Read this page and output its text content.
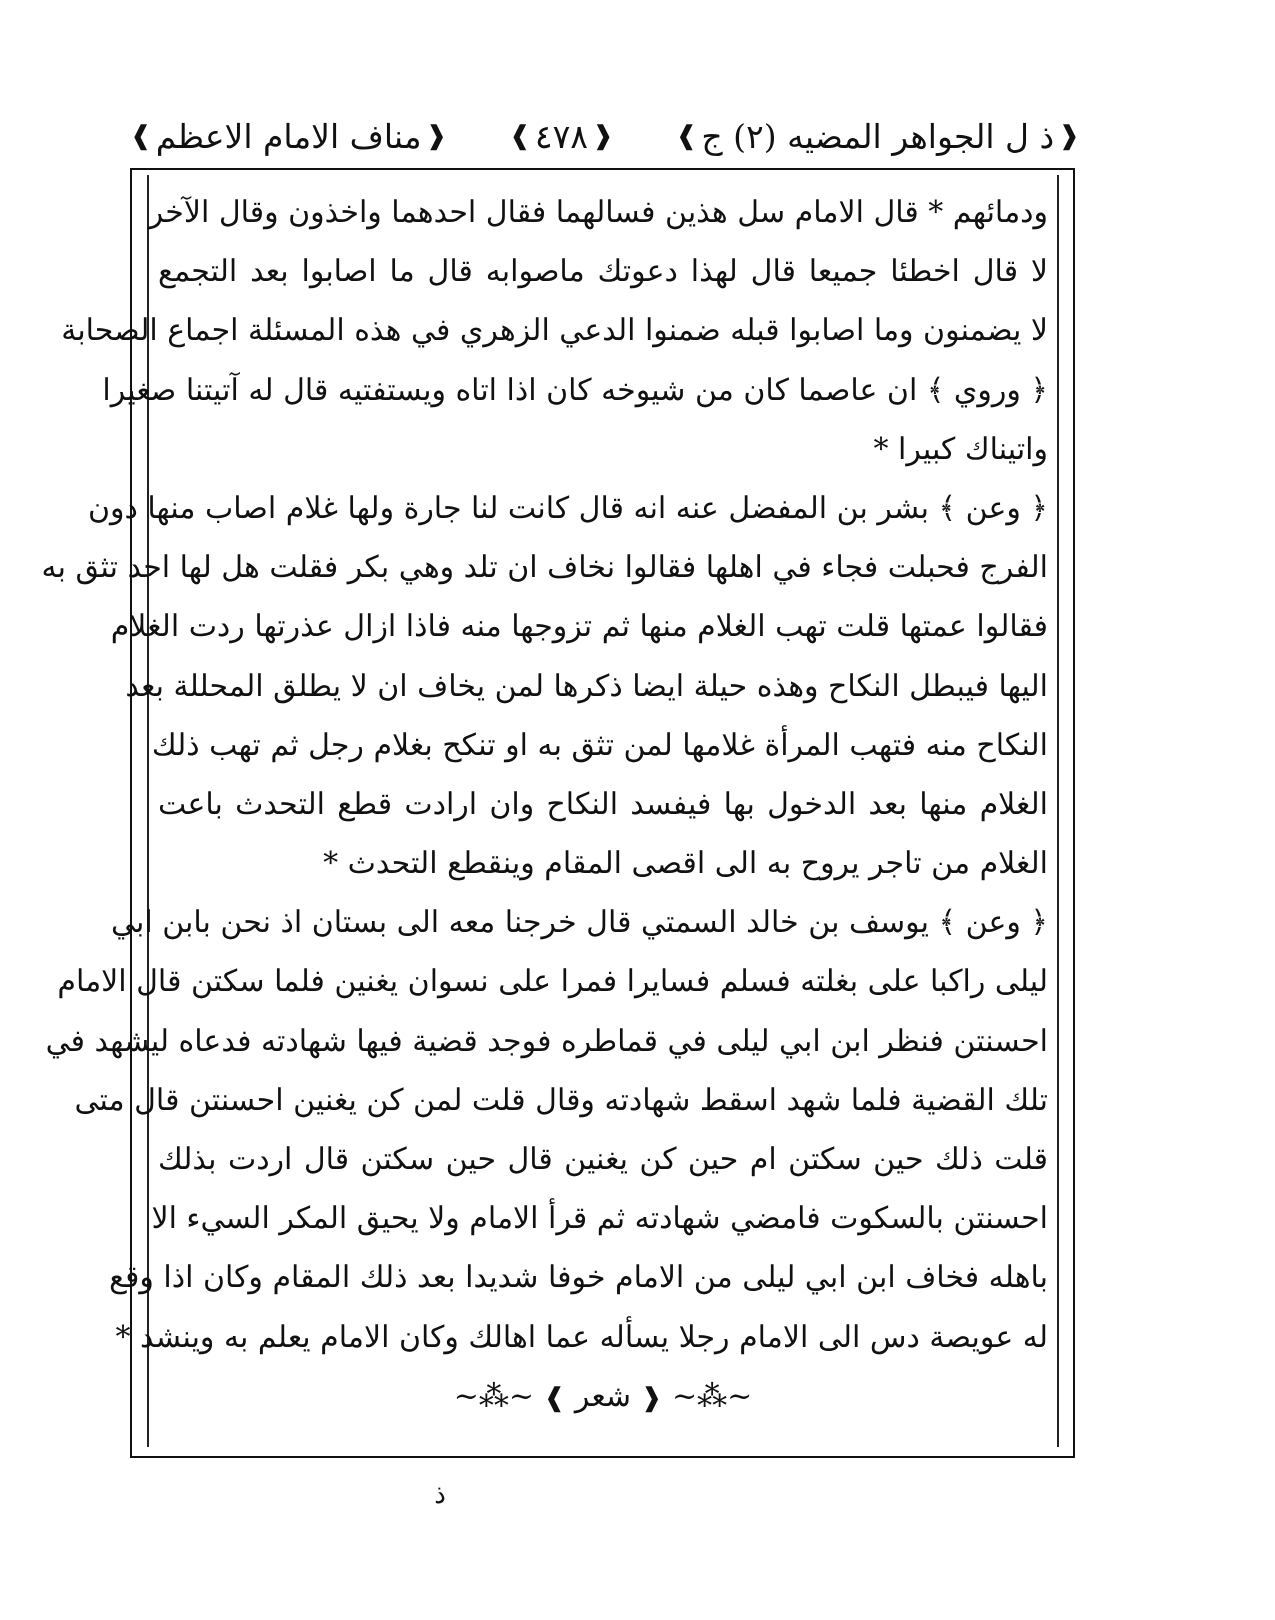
❰
ذ ل الجواهر المضيه (٢) ج
❱
❰
٤٧٨
❱
❰
مناف الامام الاعظم
❱
ودمائهم * قال الامام سل هذين فسالهما فقال احدهما واخذون وقال الآخر
لا قال اخطئا جميعا قال لهذا دعوتك ماصوابه قال ما اصابوا بعد التجمع
لا يضمنون وما اصابوا قبله ضمنوا الدعي الزهري في هذه المسئلة اجماع الصحابة
﴿ وروي ﴾ ان عاصما كان من شيوخه كان اذا اتاه ويستفتيه قال له آتيتنا صغيرا
واتيناك كبيرا *
﴿ وعن ﴾ بشر بن المفضل عنه انه قال كانت لنا جارة ولها غلام اصاب منها دون
الفرج فحبلت فجاء في اهلها فقالوا نخاف ان تلد وهي بكر فقلت هل لها احد تثق به
فقالوا عمتها قلت تهب الغلام منها ثم تزوجها منه فاذا ازال عذرتها ردت الغلام
اليها فيبطل النكاح وهذه حيلة ايضا ذكرها لمن يخاف ان لا يطلق المحللة بعد
النكاح منه فتهب المرأة غلامها لمن تثق به او تنكح بغلام رجل ثم تهب ذلك
الغلام منها بعد الدخول بها فيفسد النكاح وان ارادت قطع التحدث باعت
الغلام من تاجر يروح به الى اقصى المقام وينقطع التحدث *
﴿ وعن ﴾ يوسف بن خالد السمتي قال خرجنا معه الى بستان اذ نحن بابن ابي
ليلى راكبا على بغلته فسلم فسايرا فمرا على نسوان يغنين فلما سكتن قال الامام
احسنتن فنظر ابن ابي ليلى في قماطره فوجد قضية فيها شهادته فدعاه ليشهد في
تلك القضية فلما شهد اسقط شهادته وقال قلت لمن كن يغنين احسنتن قال متى
قلت ذلك حين سكتن ام حين كن يغنين قال حين سكتن قال اردت بذلك
احسنتن بالسكوت فامضي شهادته ثم قرأ الامام ولا يحيق المكر السيء الا
باهله فخاف ابن ابي ليلى من الامام خوفا شديدا بعد ذلك المقام وكان اذا وقع
له عويصة دس الى الامام رجلا يسأله عما اهالك وكان الامام يعلم به وينشد *
~⁂~ ❰ شعر ❱ ~⁂~
ذ
